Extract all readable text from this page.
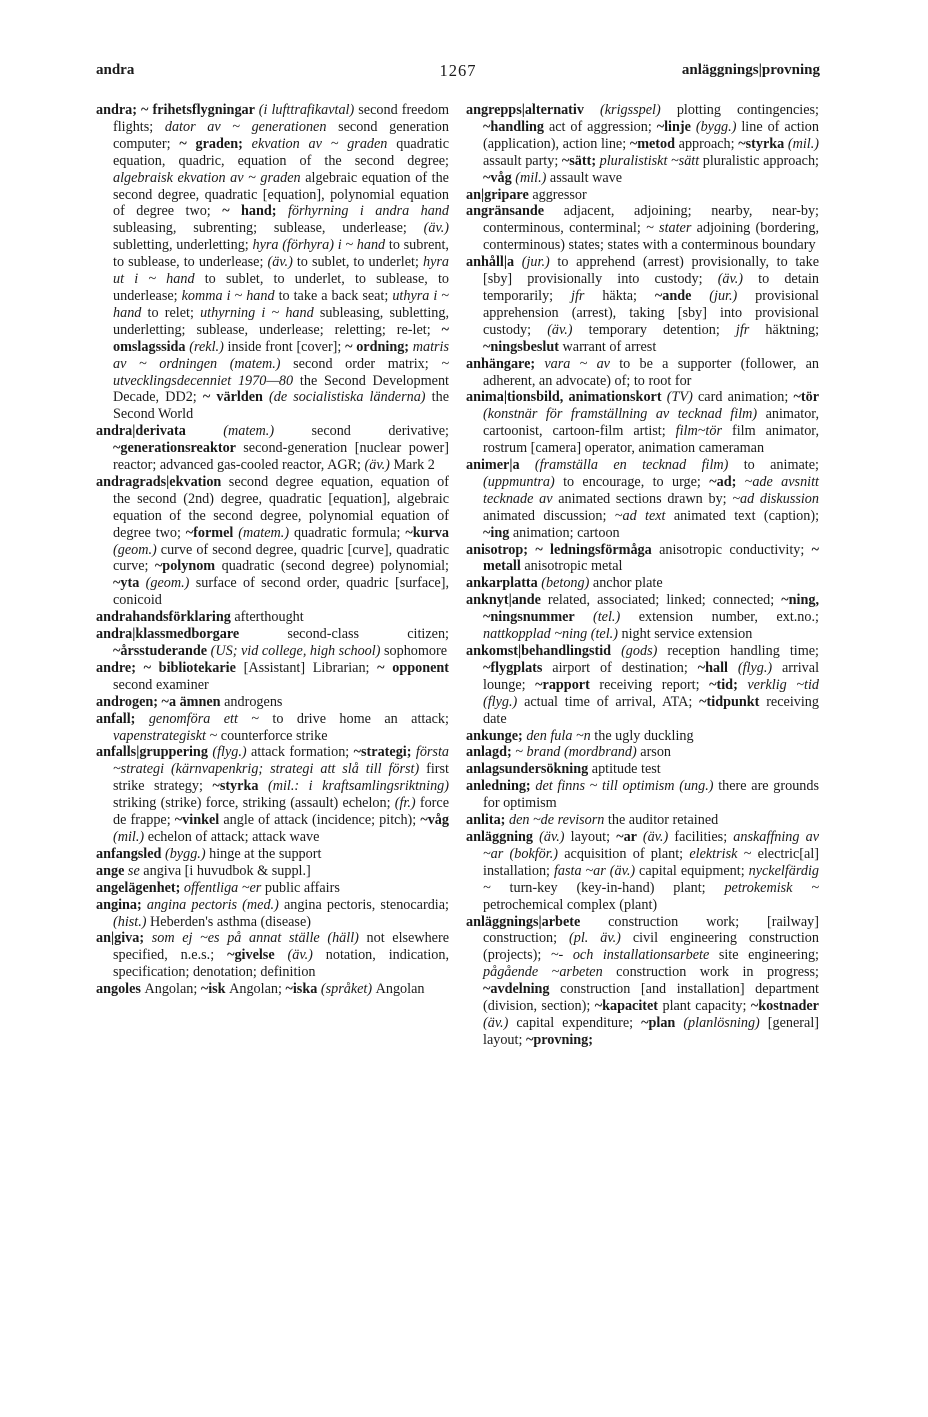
andra	1267	anläggnings|provning

andra; ~ frihetsflygningar (i lufttrafikavtal) second freedom flights; dator av ~ generationen second generation computer; ~ graden; ekvation av ~ graden quadratic equation, quadric, equation of the second degree; algebraisk ekvation av ~ graden algebraic equation of the second degree, quadratic [equation], polynomial equation of degree two; ~ hand; förhyrning i andra hand subleasing, subrenting; sublease, underlease; (äv.) subletting, underletting; hyra (förhyra) i ~ hand to subrent, to sublease, to underlease; (äv.) to sublet, to underlet; hyra ut i ~ hand to sublet, to underlet, to sublease, to underlease; komma i ~ hand to take a back seat; uthyra i ~ hand to relet; uthyrning i ~ hand subleasing, subletting, underletting; sublease, underlease; reletting; re-let; ~ omslagssida (rekl.) inside front [cover]; ~ ordning; matris av ~ ordningen (matem.) second order matrix; ~ utvecklingsdecenniet 1970—80 the Second Development Decade, DD2; ~ världen (de socialistiska länderna) the Second World

andra|derivata (matem.) second derivative; ~generationsreaktor second-generation [nuclear power] reactor; advanced gas-cooled reactor, AGR; (äv.) Mark 2

andragrads|ekvation second degree equation, equation of the second (2nd) degree, quadratic [equation], algebraic equation of the second degree, polynomial equation of degree two; ~formel (matem.) quadratic formula; ~kurva (geom.) curve of second degree, quadric [curve], quadratic curve; ~polynom quadratic (second degree) polynomial; ~yta (geom.) surface of second order, quadric [surface], conicoid

andrahandsförklaring afterthought

andra|klassmedborgare second-class citizen; ~årsstuderande (US; vid college, high school) sophomore

andre; ~ bibliotekarie [Assistant] Librarian; ~ opponent second examiner

androgen; ~a ämnen androgens

anfall; genomföra ett ~ to drive home an attack; vapenstrategiskt ~ counterforce strike

anfalls|gruppering (flyg.) attack formation; ~strategi; första ~strategi (kärnvapenkrig; strategi att slå till först) first strike strategy; ~styrka (mil.: i kraftsamlingsriktning) striking (strike) force, striking (assault) echelon; (fr.) force de frappe; ~vinkel angle of attack (incidence; pitch); ~våg (mil.) echelon of attack; attack wave

anfangsled (bygg.) hinge at the support

ange se angiva [i huvudbok & suppl.]

angelägenhet; offentliga ~er public affairs

angina; angina pectoris (med.) angina pectoris, stenocardia; (hist.) Heberden's asthma (disease)

an|giva; som ej ~es på annat ställe (häll) not elsewhere specified, n.e.s.; ~givelse (äv.) notation, indication, specification; denotation; definition

angoles Angolan; ~isk Angolan; ~iska (språket) Angolan

angrepps|alternativ (krigsspel) plotting contingencies; ~handling act of aggression; ~linje (bygg.) line of action (application), action line; ~metod approach; ~styrka (mil.) assault party; ~sätt; pluralistiskt ~sätt pluralistic approach; ~våg (mil.) assault wave

an|gripare aggressor

angränsande adjacent, adjoining; nearby, near-by; conterminous, conterminal; ~ stater adjoining (bordering, conterminous) states; states with a conterminous boundary

anhåll|a (jur.) to apprehend (arrest) provisionally, to take [sby] provisionally into custody; (äv.) to detain temporarily; jfr häkta; ~ande (jur.) provisional apprehension (arrest), taking [sby] into provisional custody; (äv.) temporary detention; jfr häktning; ~ningsbeslut warrant of arrest

anhängare; vara ~ av to be a supporter (follower, an adherent, an advocate) of; to root for

anima|tionsbild, animationskort (TV) card animation; ~tör (konstnär för framställning av tecknad film) animator, cartoonist, cartoon-film artist; film~tör film animator, rostrum [camera] operator, animation cameraman

animer|a (framställa en tecknad film) to animate; (uppmuntra) to encourage, to urge; ~ad; ~ade avsnitt tecknade av animated sections drawn by; ~ad diskussion animated discussion; ~ad text animated text (caption); ~ing animation; cartoon

anisotrop; ~ ledningsförmåga anisotropic conductivity; ~ metall anisotropic metal

ankarplatta (betong) anchor plate

anknyt|ande related, associated; linked; connected; ~ning, ~ningsnummer (tel.) extension number, ext.no.; nattkopplad ~ning (tel.) night service extension

ankomst|behandlingstid (gods) reception handling time; ~flygplats airport of destination; ~hall (flyg.) arrival lounge; ~rapport receiving report; ~tid; verklig ~tid (flyg.) actual time of arrival, ATA; ~tidpunkt receiving date

ankunge; den fula ~n the ugly duckling

anlagd; ~ brand (mordbrand) arson

anlagsundersökning aptitude test

anledning; det finns ~ till optimism (ung.) there are grounds for optimism

anlita; den ~de revisorn the auditor retained

anläggning (äv.) layout; ~ar (äv.) facilities; anskaffning av ~ar (bokför.) acquisition of plant; elektrisk ~ electric[al] installation; fasta ~ar (äv.) capital equipment; nyckelfärdig ~ turn-key (key-in-hand) plant; petrokemisk ~ petrochemical complex (plant)

anläggnings|arbete construction work; [railway] construction; (pl. äv.) civil engineering construction (projects); ~- och installationsarbete site engineering; pågående ~arbeten construction work in progress; ~avdelning construction [and installation] department (division, section); ~kapacitet plant capacity; ~kostnader (äv.) capital expenditure; ~plan (planlösning) [general] layout; ~provning;
